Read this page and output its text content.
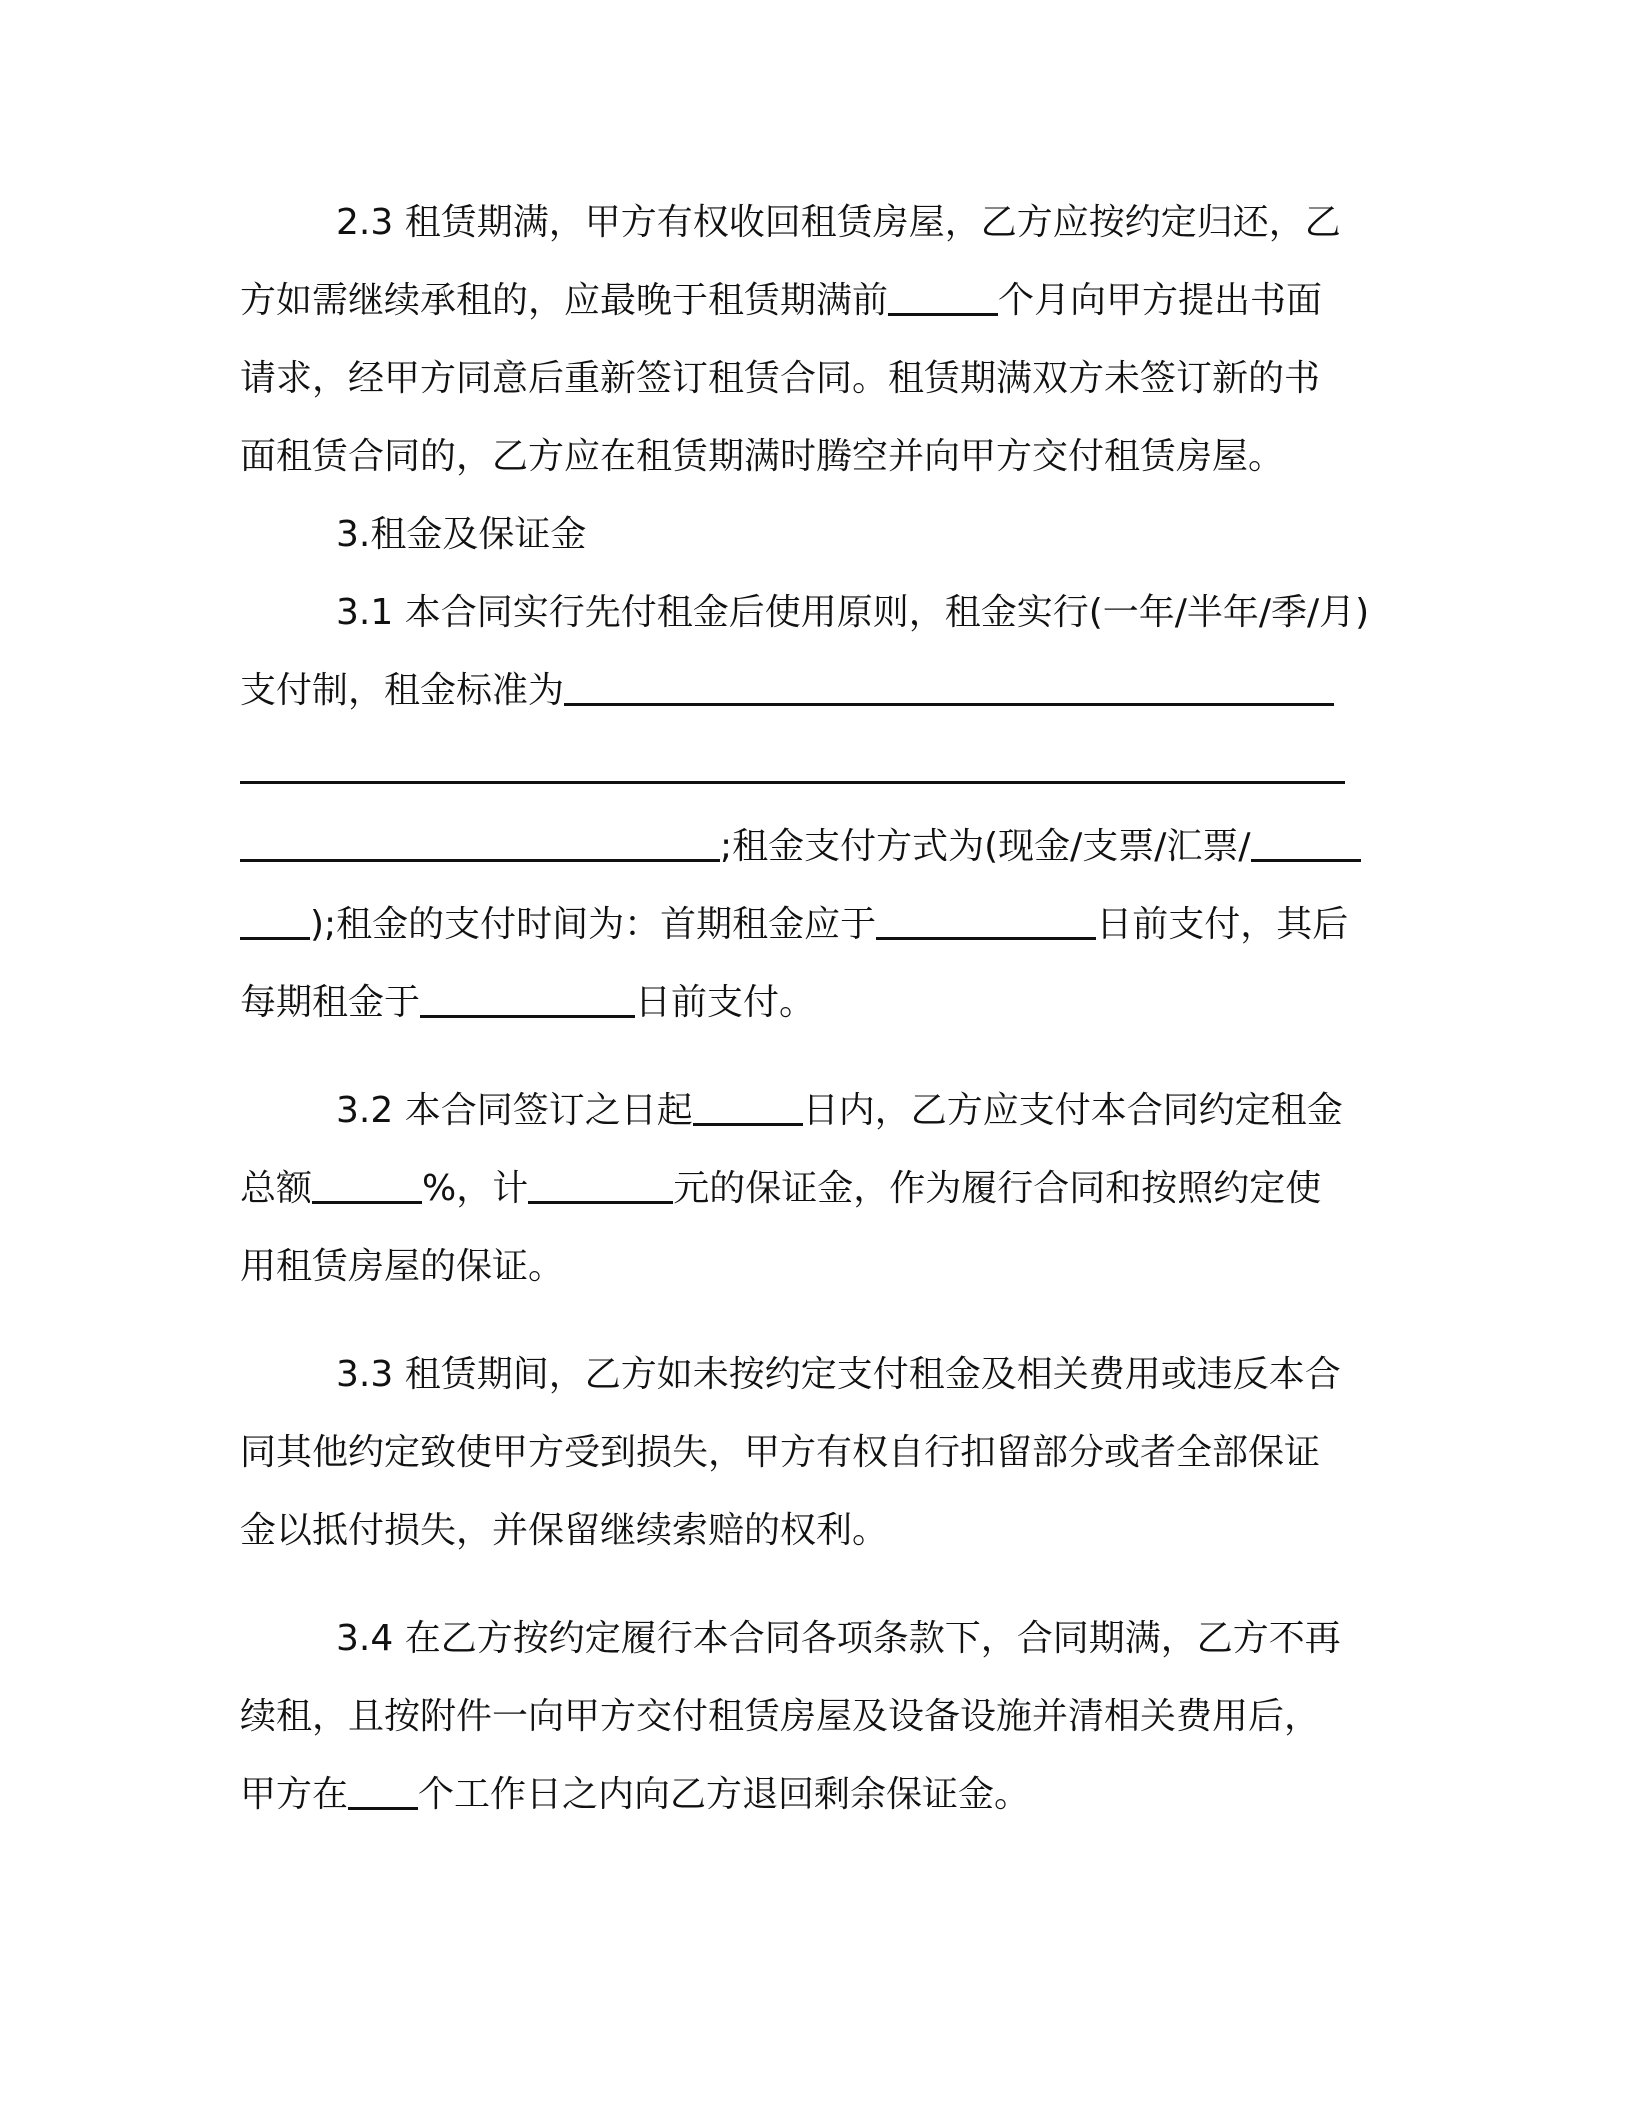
2.3 租赁期满，甲方有权收回租赁房屋，乙方应按约定归还，乙
方如需继续承租的，应最晚于租赁期满前	个月向甲方提出书面
请求，经甲方同意后重新签订租赁合同。租赁期满双方未签订新的书
面租赁合同的，乙方应在租赁期满时腾空并向甲方交付租赁房屋。
3.租金及保证金
3.1 本合同实行先付租金后使用原则，租金实行(一年/半年/季/月)
支付制，租金标准为
;租金支付方式为(现金/支票/汇票/
);租金的支付时间为：首期租金应于	日前支付，其后
每期租金于	日前支付。
3.2 本合同签订之日起	日内，乙方应支付本合同约定租金
总额	%，计	元的保证金，作为履行合同和按照约定使
用租赁房屋的保证。
3.3 租赁期间，乙方如未按约定支付租金及相关费用或违反本合
同其他约定致使甲方受到损失，甲方有权自行扣留部分或者全部保证
金以抵付损失，并保留继续索赔的权利。
3.4 在乙方按约定履行本合同各项条款下，合同期满，乙方不再
续租，且按附件一向甲方交付租赁房屋及设备设施并清相关费用后，
甲方在 个工作日之内向乙方退回剩余保证金。
